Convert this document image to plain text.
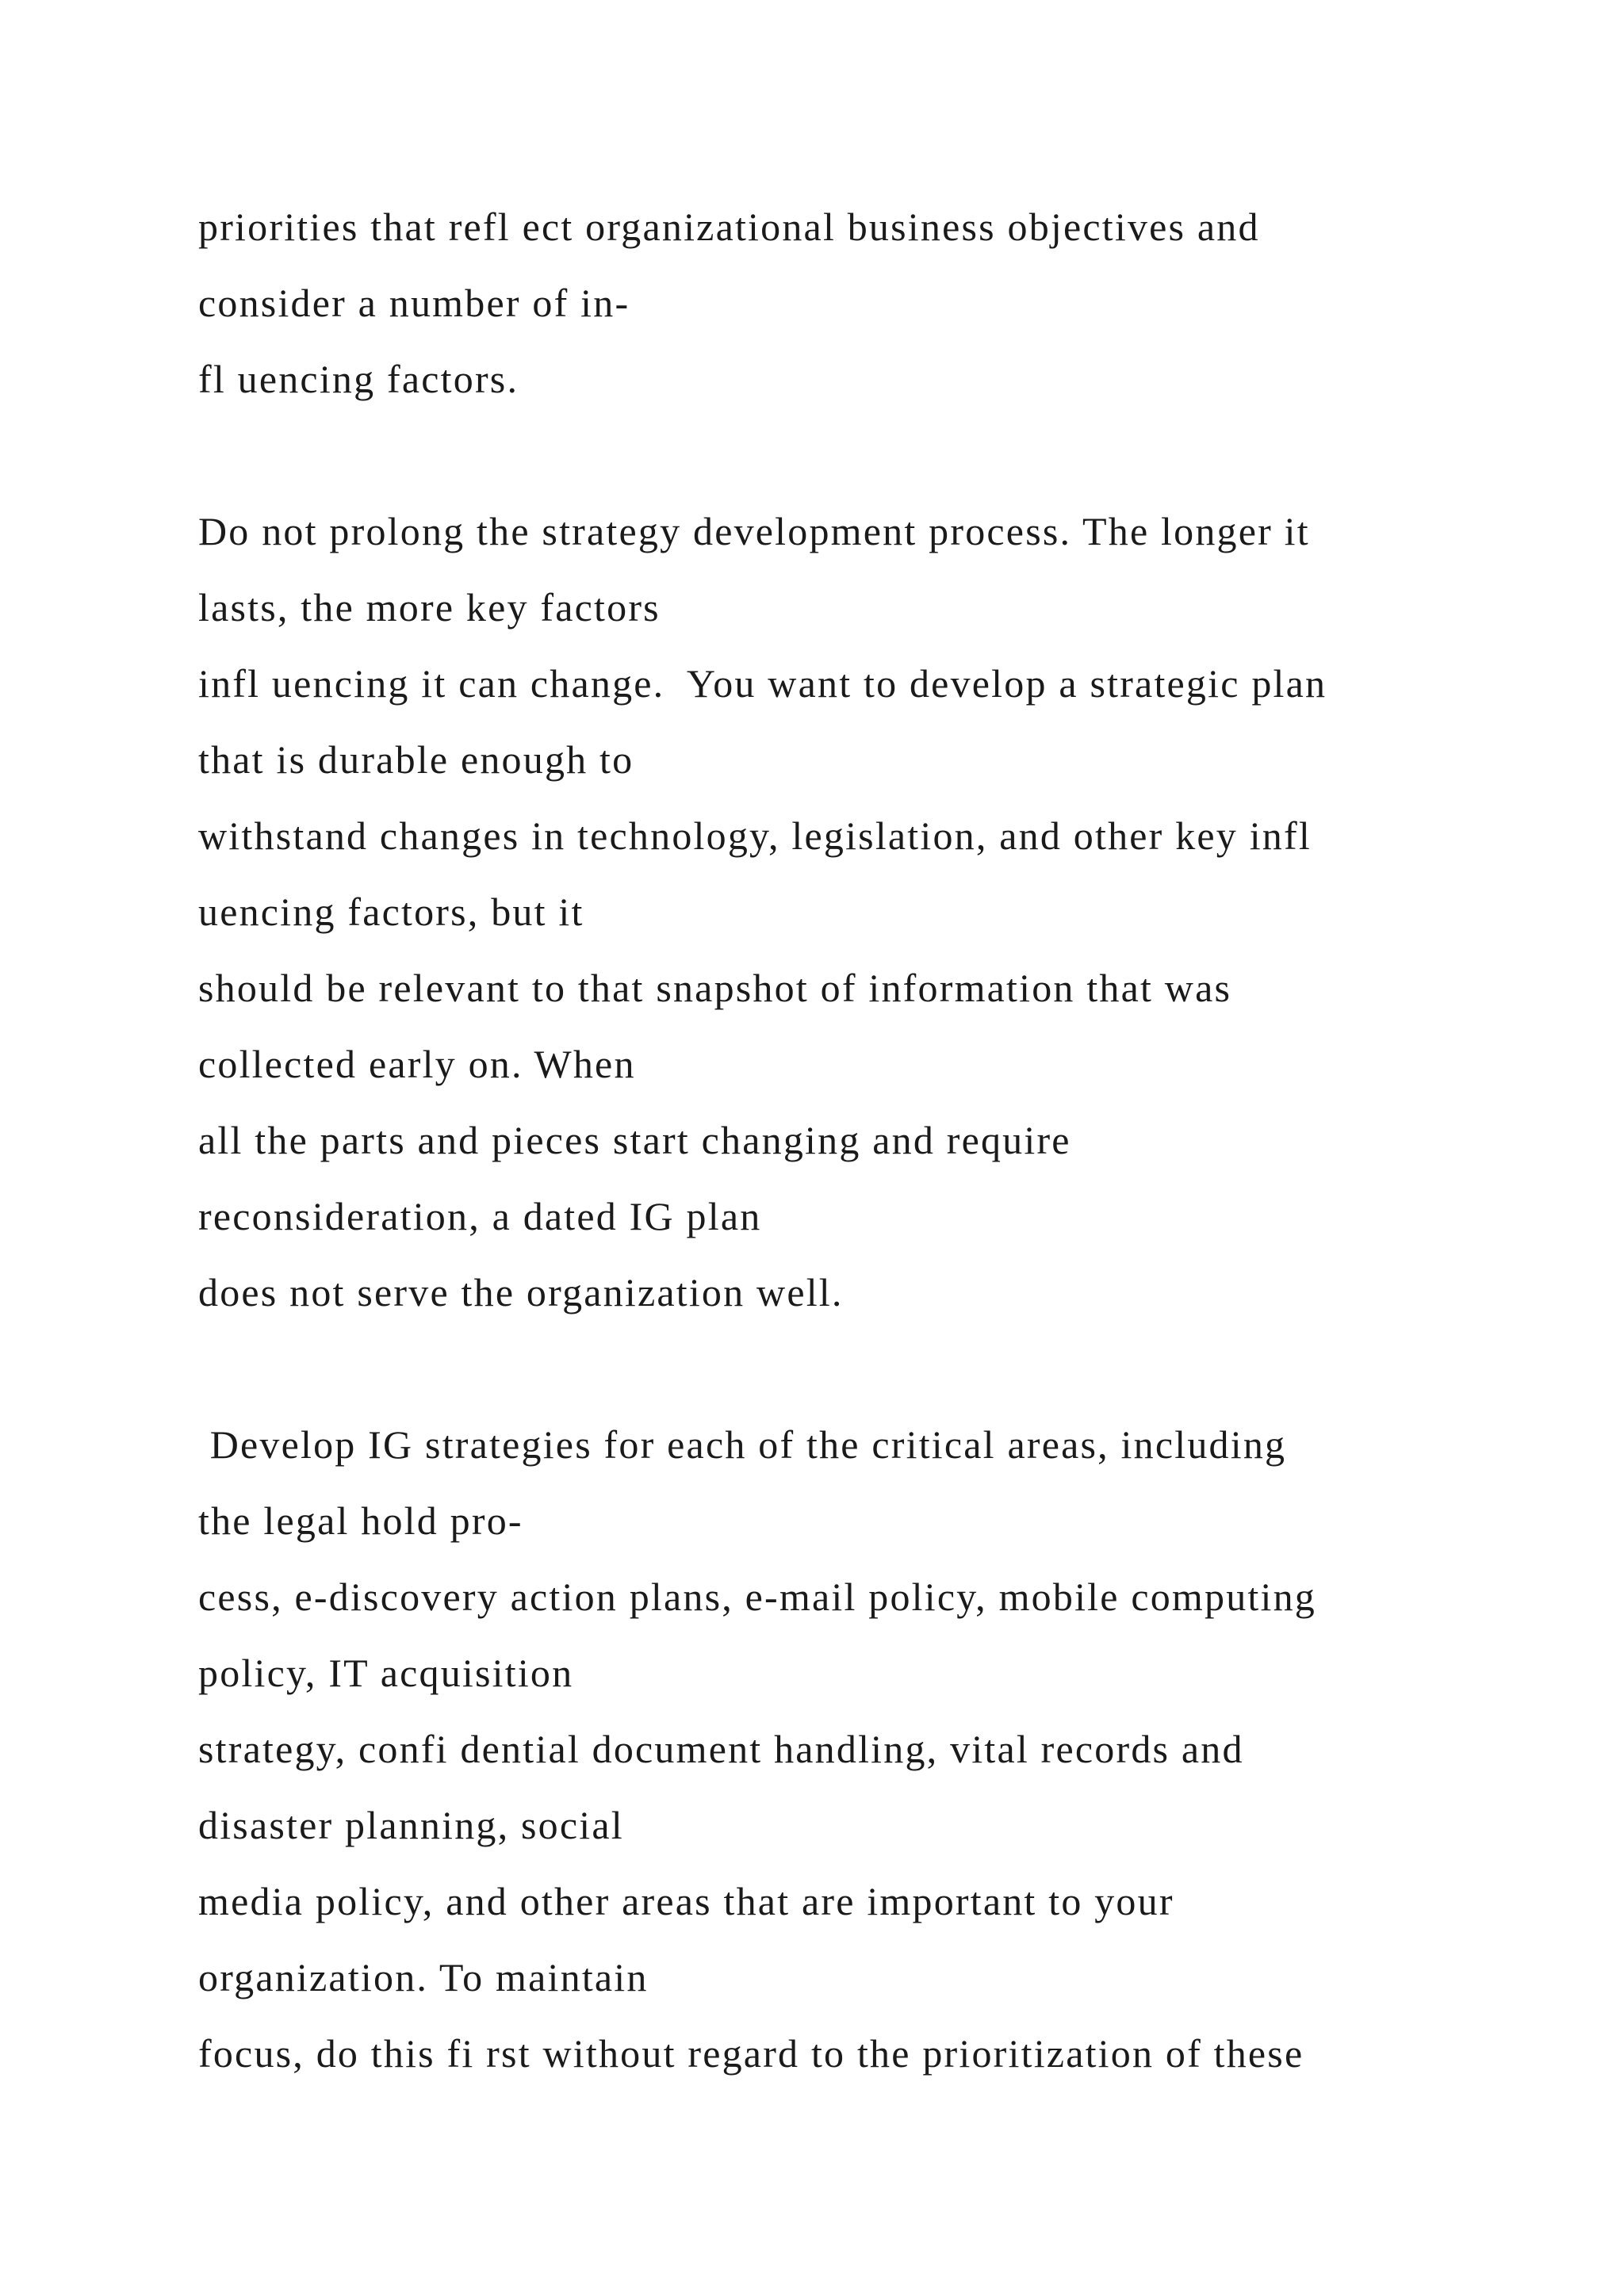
priorities that refl ect organizational business objectives and
consider a number of in-
fl uencing factors.
Do not prolong the strategy development process. The longer it
lasts, the more key factors
infl uencing it can change.  You want to develop a strategic plan
that is durable enough to
withstand changes in technology, legislation, and other key infl
uencing factors, but it
should be relevant to that snapshot of information that was
collected early on. When
all the parts and pieces start changing and require
reconsideration, a dated IG plan
does not serve the organization well.
Develop IG strategies for each of the critical areas, including
the legal hold pro-
cess, e-discovery action plans, e-mail policy, mobile computing
policy, IT acquisition
strategy, confi dential document handling, vital records and
disaster planning, social
media policy, and other areas that are important to your
organization. To maintain
focus, do this fi rst without regard to the prioritization of these
